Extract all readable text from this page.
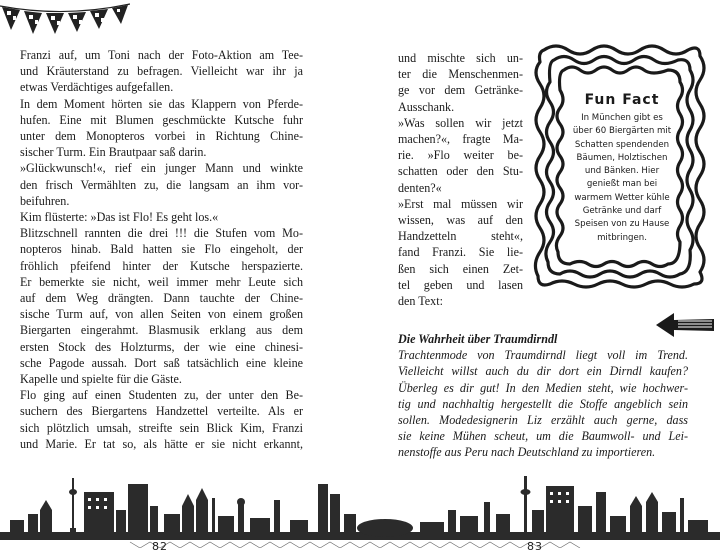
Franzi auf, um Toni nach der Foto-Aktion am Tee-
und Kräuterstand zu befragen. Vielleicht war ihr ja
etwas Verdächtiges aufgefallen.
In dem Moment hörten sie das Klappern von Pferde-
hufen. Eine mit Blumen geschmückte Kutsche fuhr
unter dem Monopteros vorbei in Richtung Chine-
sischer Turm. Ein Brautpaar saß darin.
»Glückwunsch!«, rief ein junger Mann und winkte
den frisch Vermählten zu, die langsam an ihm vor-
beifuhren.
Kim flüsterte: »Das ist Flo! Es geht los.«
Blitzschnell rannten die drei !!! die Stufen vom Mo-
nopteros hinab. Bald hatten sie Flo eingeholt, der
fröhlich pfeifend hinter der Kutsche herspazierte.
Er bemerkte sie nicht, weil immer mehr Leute sich
auf dem Weg drängten. Dann tauchte der Chine-
sische Turm auf, von allen Seiten von einem großen
Biergarten eingerahmt. Blasmusik erklang aus dem
ersten Stock des Holzturms, der wie eine chinesi-
sche Pagode aussah. Dort saß tatsächlich eine kleine
Kapelle und spielte für die Gäste.
Flo ging auf einen Studenten zu, der unter den Be-
suchern des Biergartens Handzettel verteilte. Als er
sich plötzlich umsah, streifte sein Blick Kim, Franzi
und Marie. Er tat so, als hätte er sie nicht erkannt,
und mischte sich un-
ter die Menschenmen-
ge vor dem Getränke-
Ausschank.
»Was sollen wir jetzt
machen?«, fragte Ma-
rie. »Flo weiter be-
schatten oder den Stu-
denten?«
»Erst mal müssen wir
wissen, was auf den
Handzetteln steht«,
fand Franzi. Sie lie-
ßen sich einen Zet-
tel geben und lasen
den Text:
Fun Fact
In München gibt es
über 60 Biergärten mit
Schatten spendenden
Bäumen, Holztischen
und Bänken. Hier
genießt man bei
warmem Wetter kühle
Getränke und darf
Speisen von zu Hause
mitbringen.
Die Wahrheit über Traumdirndl
Trachtenmode von Traumdirndl liegt voll im Trend.
Vielleicht willst auch du dir dort ein Dirndl kaufen?
Überleg es dir gut! In den Medien steht, wie hochwer-
tig und nachhaltig hergestellt die Stoffe angeblich sein
sollen. Modedesignerin Liz erzählt auch gerne, dass
sie keine Mühen scheut, um die Baumwoll- und Lei-
nenstoffe aus Peru nach Deutschland zu importieren.
82	83
